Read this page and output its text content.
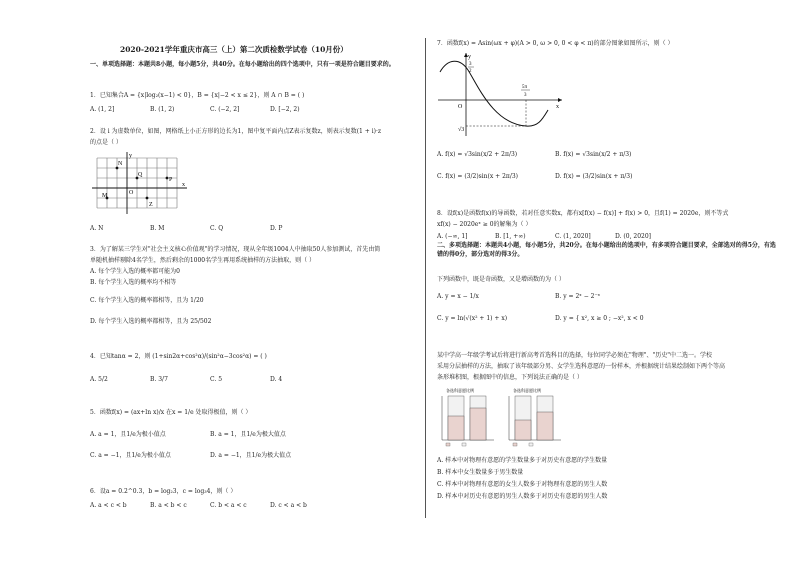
2020-2021学年重庆市高三（上）第二次质检数学试卷（10月份）
一、单项选择题：本题共8小题，每小题5分，共40分。在每小题给出的四个选项中，只有一项是符合题目要求的。
1．已知集合A = {x|log₂(x−1) < 0}，B = {x|−2 < x ≤ 2}，则 A ∩ B = ( )
A. (1, 2]	B. (1, 2)	C. (−2, 2]	D. [−2, 2)
2．设 i 为虚数单位，如图，网格纸上小正方形的边长为1，图中复平面内点Z表示复数z，则表示复数(1 + i)·z
的点是（ ）
N
P
Q
M
Z
O
y
x
A. N	B. M	C. Q	D. P
3．为了解某三学生对"社会主义核心价值观"的学习情况，现从全年级1004人中抽取50人参加测试，首先由简
单随机抽样剔除4名学生，然后剩余的1000名学生再用系统抽样的方法抽取，则（ ）
A. 每个学生入选的概率都可能为0
B. 每个学生入选的概率均不相等
C. 每个学生入选的概率都相等，且为 1/20
D. 每个学生入选的概率都相等，且为 25/502
4．已知tanα = 2，则 (1+sin2α+cos²α)/(sin²α−3cos²α) = ( )
A. 5/2	B. 3/7	C. 5	D. 4
5．函数f(x) = (ax+ln x)/x 在x = 1/e 处取得极值，则（ ）
A. a = 1，且1/e为极小值点	B. a = 1，且1/e为极大值点
C. a = −1，且1/e为极小值点	D. a = −1，且1/e为极大值点
6．设a = 0.2^0.3，b = log₂3，c = log₃4，则（ ）
A. a < c < b	B. a < b < c	C. b < a < c	D. c < a < b
7．函数f(x) = Asin(ωx + φ)(A > 0, ω > 0, 0 < φ < π)的部分图象如图所示，则（ ）
y
x
O
3
2
5π
3
√3
A. f(x) = √3sin(x/2 + 2π/3)	B. f(x) = √3sin(x/2 + π/3)
C. f(x) = (3/2)sin(x + 2π/3)	D. f(x) = (3/2)sin(x + π/3)
8．设f(x)是函数f(x)的导函数，若对任意实数x，都有x[f(x) − f(x)] + f(x) > 0，且f(1) = 2020e，则不等式
xf(x) − 2020eˣ ≥ 0的解集为（ ）
A. (−∞, 1]	B. [1, +∞)	C. (1, 2020]	D. (0, 2020]
二、多项选择题：本题共4小题，每小题5分，共20分。在每小题给出的选项中，有多项符合题目要求，全部选对的得5分，有选错的得0分，部分选对的得3分。
下列函数中，既是奇函数，又是增函数的为（ ）
A. y = x − 1/x	B. y = 2ˣ − 2⁻ˣ
C. y = ln(√(x² + 1) + x)	D. y = { x², x ≥ 0 ; −x², x < 0
某中学高一年级学考试后将进行新高考首选科目的选择，每位同学必须在"物理"、"历史"中二选一。学校
采用分层抽样的方法，抽取了该年级部分男、女学生选科意愿的一份样本，并根据统计结果绘制如下两个等高
条形堆积图，根据图中的信息，下列说法正确的是（ ）
各选科意愿比例	各选科意愿比例
A. 样本中对物理有意愿的学生数量多于对历史有意愿的学生数量
B. 样本中女生数量多于男生数量
C. 样本中对物理有意愿的女生人数多于对物理有意愿的男生人数
D. 样本中对历史有意愿的男生人数多于对历史有意愿的男生人数
